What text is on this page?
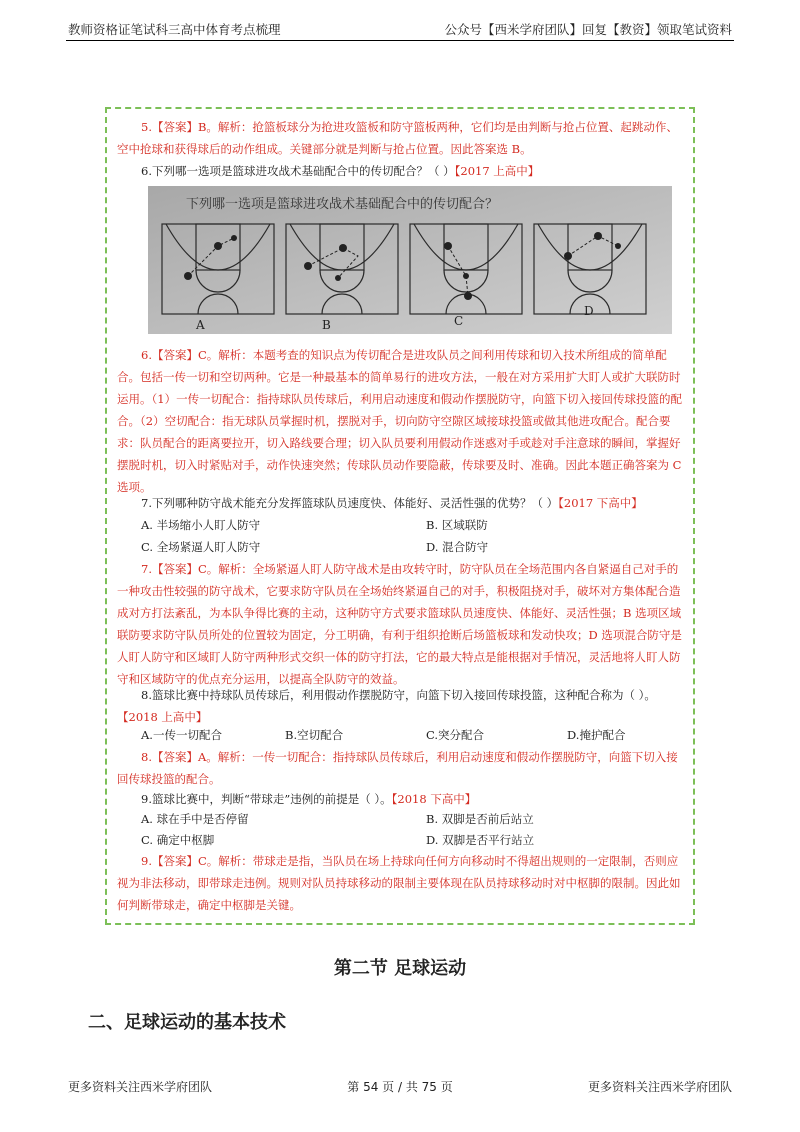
教师资格证笔试科三高中体育考点梳理	公众号【西米学府团队】回复【教资】领取笔试资料

5.【答案】B。解析：抢篮板球分为抢进攻篮板和防守篮板两种，它们均是由判断与抢占位置、起跳动作、空中抢球和获得球后的动作组成。关键部分就是判断与抢占位置。因此答案选 B。

6.下列哪一选项是篮球进攻战术基础配合中的传切配合？（ ）【2017 上高中】

下列哪一选项是篮球进攻战术基础配合中的传切配合？
A	B	C
D

6.【答案】C。解析：本题考查的知识点为传切配合是进攻队员之间利用传球和切入技术所组成的简单配合。包括一传一切和空切两种。它是一种最基本的简单易行的进攻方法，一般在对方采用扩大盯人或扩大联防时运用。（1）一传一切配合：指持球队员传球后，利用启动速度和假动作摆脱防守，向篮下切入接回传球投篮的配合。（2）空切配合：指无球队员掌握时机，摆脱对手，切向防守空隙区域接球投篮或做其他进攻配合。配合要求：队员配合的距离要拉开，切入路线要合理；切入队员要利用假动作迷惑对手或趁对手注意球的瞬间，掌握好摆脱时机，切入时紧贴对手，动作快速突然；传球队员动作要隐蔽，传球要及时、准确。因此本题正确答案为 C 选项。

7.下列哪种防守战术能充分发挥篮球队员速度快、体能好、灵活性强的优势？（ ）【2017 下高中】

A. 半场缩小人盯人防守	B. 区域联防
C. 全场紧逼人盯人防守	D. 混合防守

7.【答案】C。解析：全场紧逼人盯人防守战术是由攻转守时，防守队员在全场范围内各自紧逼自己对手的一种攻击性较强的防守战术，它要求防守队员在全场始终紧逼自己的对手，积极阻挠对手，破坏对方集体配合造成对方打法紊乱，为本队争得比赛的主动，这种防守方式要求篮球队员速度快、体能好、灵活性强；B 选项区域联防要求防守队员所处的位置较为固定，分工明确，有利于组织抢断后场篮板球和发动快攻；D 选项混合防守是人盯人防守和区域盯人防守两种形式交织一体的防守打法，它的最大特点是能根据对手情况，灵活地将人盯人防守和区域防守的优点充分运用，以提高全队防守的效益。

8.篮球比赛中持球队员传球后，利用假动作摆脱防守，向篮下切入接回传球投篮，这种配合称为（ ）。【2018 上高中】

A.一传一切配合	B.空切配合	C.突分配合	D.掩护配合

8.【答案】A。解析：一传一切配合：指持球队员传球后，利用启动速度和假动作摆脱防守，向篮下切入接回传球投篮的配合。

9.篮球比赛中，判断“带球走”违例的前提是（ ）。【2018 下高中】

A. 球在手中是否停留	B. 双脚是否前后站立
C. 确定中枢脚	D. 双脚是否平行站立

9.【答案】C。解析：带球走是指，当队员在场上持球向任何方向移动时不得超出规则的一定限制，否则应视为非法移动，即带球走违例。规则对队员持球移动的限制主要体现在队员持球移动时对中枢脚的限制。因此如何判断带球走，确定中枢脚是关键。

第二节 足球运动
二、足球运动的基本技术
更多资料关注西米学府团队	第 54 页 / 共 75 页	更多资料关注西米学府团队
